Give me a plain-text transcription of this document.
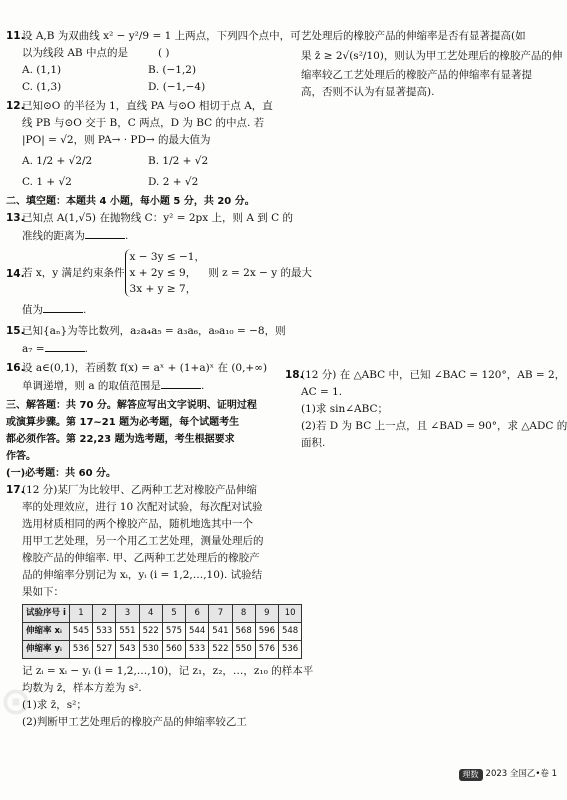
⊙
11.
设 A,B 为双曲线 x² − y²/9 = 1 上两点，下列四个点中，可
以为线段 AB 中点的是	( )
A. (1,1)	B. (−1,2)
C. (1,3)	D. (−1,−4)
12.
已知⊙O 的半径为 1，直线 PA 与⊙O 相切于点 A，直
线 PB 与⊙O 交于 B，C 两点，D 为 BC 的中点. 若
|PO| = √2，则 PA→ · PD→ 的最大值为
A. 1/2 + √2/2	B. 1/2 + √2
C. 1 + √2	D. 2 + √2
二、填空题：本题共 4 小题，每小题 5 分，共 20 分。
13.
已知点 A(1,√5) 在抛物线 C：y² = 2px 上，则 A 到 C 的
准线的距离为	.
14.
若 x，y 满足约束条件
x − 3y ≤ −1，
x + 2y ≤ 9，
3x + y ≥ 7，
则 z = 2x − y 的最大
值为	.
15.
已知{aₙ}为等比数列，a₂a₄a₅ = a₃a₆，a₉a₁₀ = −8，则
a₇ =	.
16.
设 a∈(0,1)，若函数 f(x) = aˣ + (1+a)ˣ 在 (0,+∞)
单调递增，则 a 的取值范围是	.
三、解答题：共 70 分。解答应写出文字说明、证明过程
或演算步骤。第 17~21 题为必考题，每个试题考生
都必须作答。第 22,23 题为选考题，考生根据要求
作答。
(一)必考题：共 60 分。
17.
(12 分)某厂为比较甲、乙两种工艺对橡胶产品伸缩
率的处理效应，进行 10 次配对试验，每次配对试验
选用材质相同的两个橡胶产品，随机地选其中一个
用甲工艺处理，另一个用乙工艺处理，测量处理后的
橡胶产品的伸缩率. 甲、乙两种工艺处理后的橡胶产
品的伸缩率分别记为 xᵢ，yᵢ (i = 1,2,…,10). 试验结
果如下：
试验序号 i	1	2	3	4	5	6	7	8	9	10
伸缩率 xᵢ	545	533	551	522	575	544	541	568	596	548
伸缩率 yᵢ	536	527	543	530	560	533	522	550	576	536
记 zᵢ = xᵢ − yᵢ (i = 1,2,…,10)，记 z₁，z₂，…，z₁₀ 的样本平
均数为 z̄，样本方差为 s².
(1)求 z̄，s²；
(2)判断甲工艺处理后的橡胶产品的伸缩率较乙工
艺处理后的橡胶产品的伸缩率是否有显著提高(如
果 z̄ ≥ 2√(s²/10)，则认为甲工艺处理后的橡胶产品的伸
缩率较乙工艺处理后的橡胶产品的伸缩率有显著提
高，否则不认为有显著提高).
18.
(12 分) 在 △ABC 中，已知 ∠BAC = 120°，AB = 2，
AC = 1.
(1)求 sin∠ABC；
(2)若 D 为 BC 上一点，且 ∠BAD = 90°，求 △ADC 的
面积.
理数 2023 全国乙•卷 1
